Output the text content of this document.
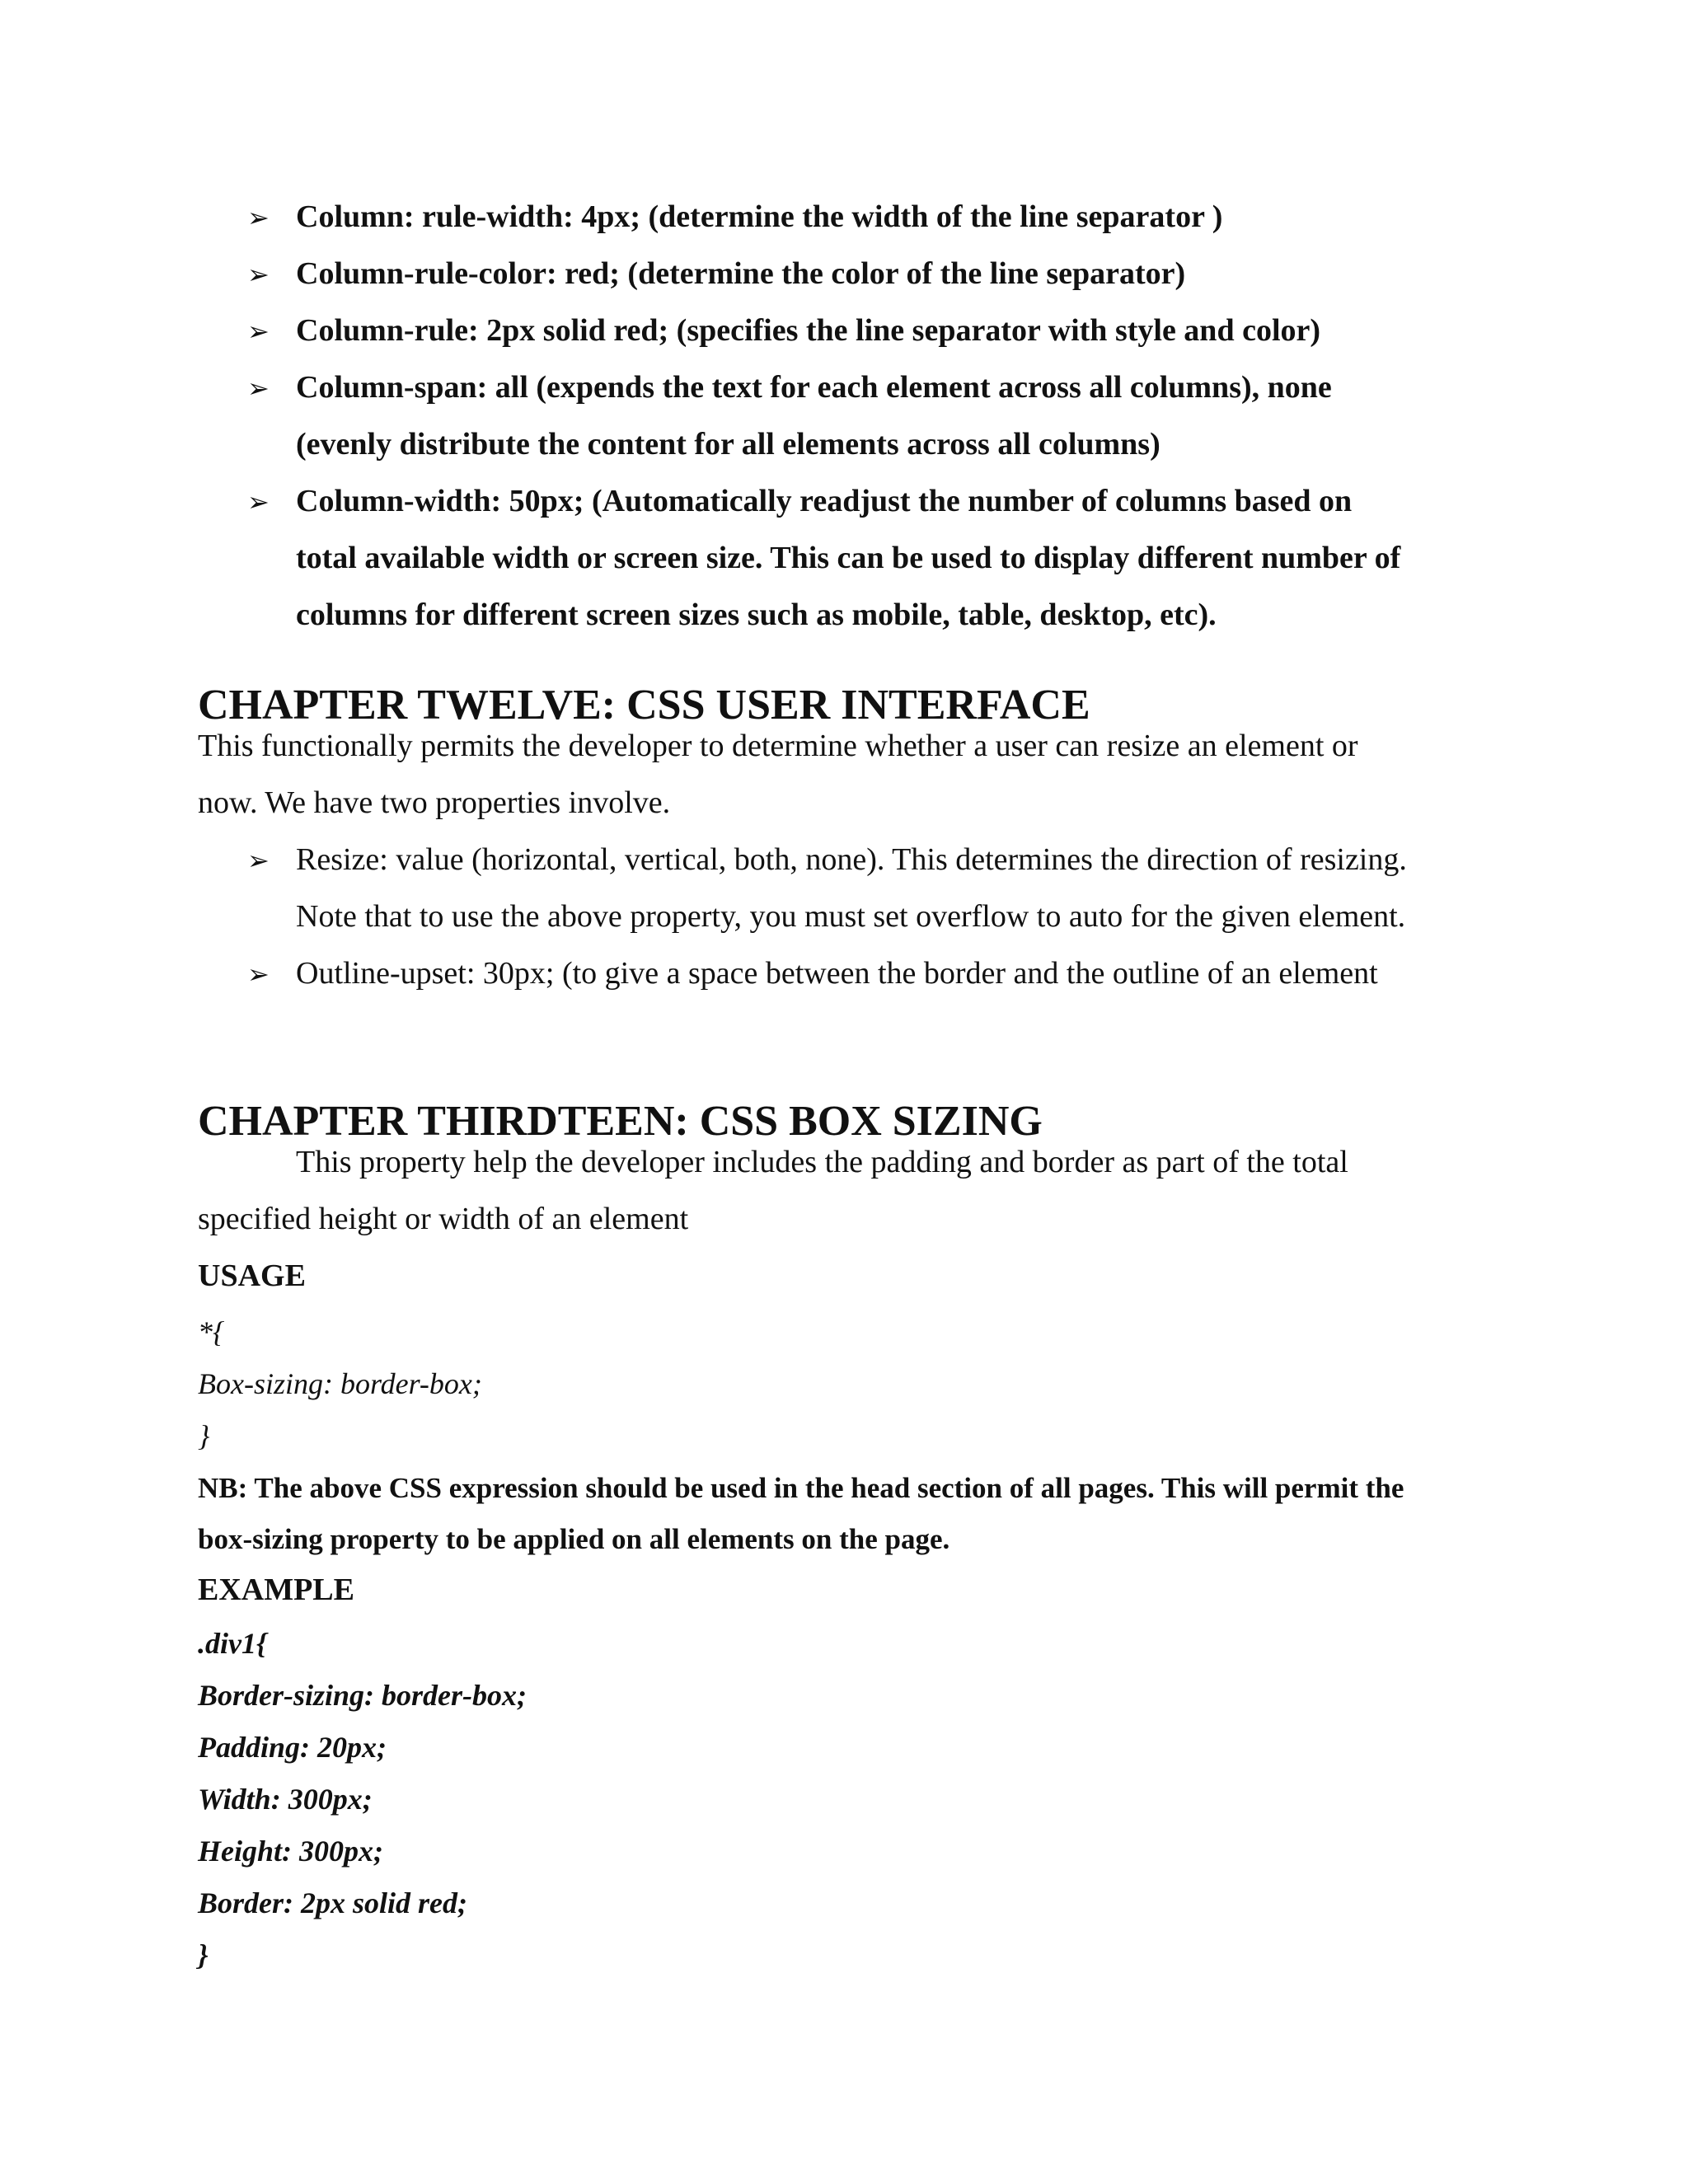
➢ Column: rule-width: 4px; (determine the width of the line separator )
➢ Column-rule-color: red; (determine the color of the line separator)
➢ Column-rule: 2px solid red; (specifies the line separator with style and color)
➢ Column-span: all (expends the text for each element across all columns), none
(evenly distribute the content for all elements across all columns)
➢ Column-width: 50px; (Automatically readjust the number of columns based on
total available width or screen size. This can be used to display different number of
columns for different screen sizes such as mobile, table, desktop, etc).
CHAPTER TWELVE: CSS USER INTERFACE
This functionally permits the developer to determine whether a user can resize an element or
now. We have two properties involve.
➢ Resize: value (horizontal, vertical, both, none). This determines the direction of resizing.
Note that to use the above property, you must set overflow to auto for the given element.
➢ Outline-upset: 30px; (to give a space between the border and the outline of an element
CHAPTER THIRDTEEN: CSS BOX SIZING
This property help the developer includes the padding and border as part of the total
specified height or width of an element
USAGE
*{
Box-sizing: border-box;
}
NB: The above CSS expression should be used in the head section of all pages. This will permit the
box-sizing property to be applied on all elements on the page.
EXAMPLE
.div1{
Border-sizing: border-box;
Padding: 20px;
Width: 300px;
Height: 300px;
Border: 2px solid red;
}
